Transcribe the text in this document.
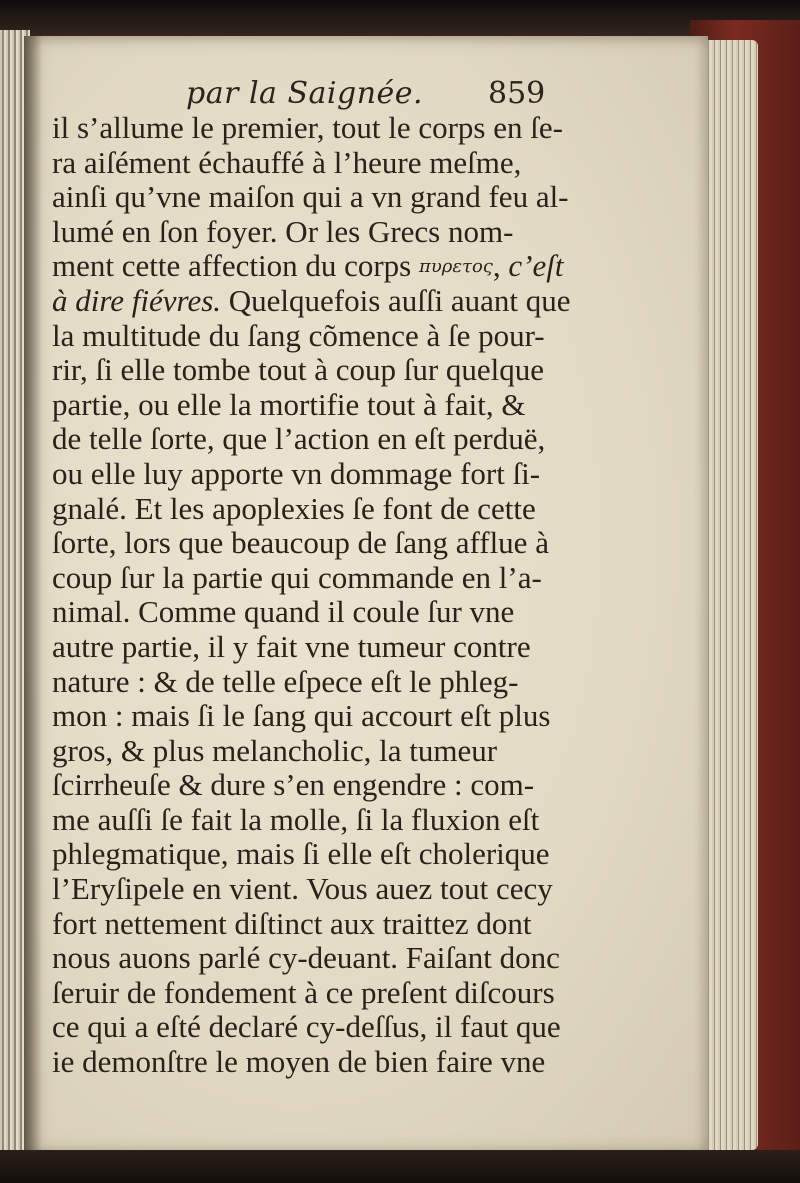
par la Saignée. 859
il s’allume le premier, tout le corps en ſe-
ra aiſément échauffé à l’heure meſme,
ainſi qu’vne maiſon qui a vn grand feu al-
lumé en ſon foyer. Or les Grecs nom-
ment cette affection du corps πυρετος, c’eſt
à dire fiévres. Quelquefois auſſi auant que
la multitude du ſang cõmence à ſe pour-
rir, ſi elle tombe tout à coup ſur quelque
partie, ou elle la mortifie tout à fait, &
de telle ſorte, que l’action en eſt perduë,
ou elle luy apporte vn dommage fort ſi-
gnalé. Et les apoplexies ſe font de cette
ſorte, lors que beaucoup de ſang afflue à
coup ſur la partie qui commande en l’a-
nimal. Comme quand il coule ſur vne
autre partie, il y fait vne tumeur contre
nature : & de telle eſpece eſt le phleg-
mon : mais ſi le ſang qui accourt eſt plus
gros, & plus melancholic, la tumeur
ſcirrheuſe & dure s’en engendre : com-
me auſſi ſe fait la molle, ſi la fluxion eſt
phlegmatique, mais ſi elle eſt cholerique
l’Eryſipele en vient. Vous auez tout cecy
fort nettement diſtinct aux traittez dont
nous auons parlé cy-deuant. Faiſant donc
ſeruir de fondement à ce preſent diſcours
ce qui a eſté declaré cy-deſſus, il faut que
ie demonſtre le moyen de bien faire vne
